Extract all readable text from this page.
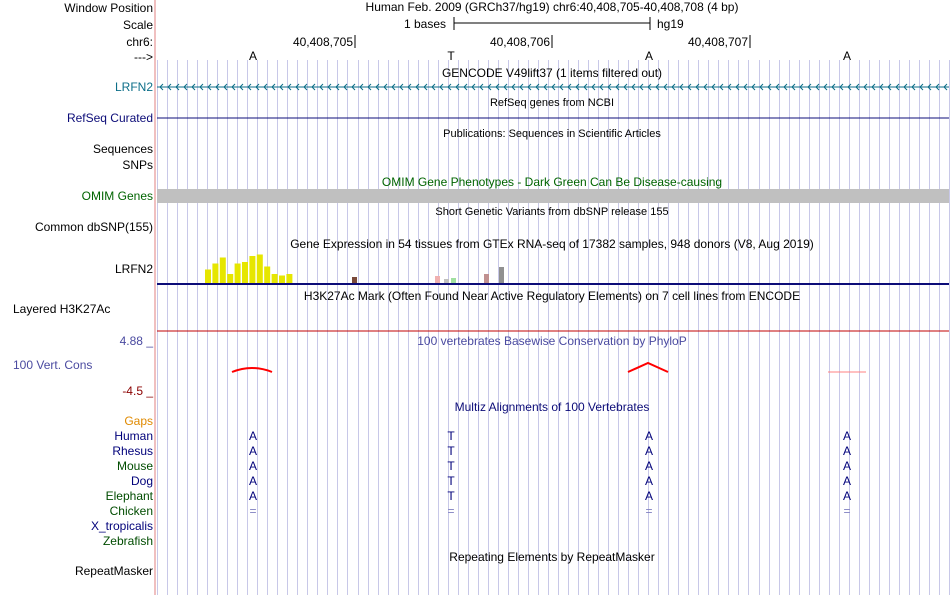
Window Position	Human Feb. 2009 (GRCh37/hg19) chr6:40,408,705-40,408,708 (4 bp)
Scale	1 bases	hg19
chr6:	40,408,705	40,408,706	40,408,707
--->	A	T	A	A
GENCODE V49lift37 (1 items filtered out)
LRFN2
RefSeq genes from NCBI
RefSeq Curated
Publications: Sequences in Scientific Articles
Sequences
SNPs
OMIM Gene Phenotypes - Dark Green Can Be Disease-causing
OMIM Genes
Short Genetic Variants from dbSNP release 155
Common dbSNP(155)
Gene Expression in 54 tissues from GTEx RNA-seq of 17382 samples, 948 donors (V8, Aug 2019)
LRFN2
H3K27Ac Mark (Often Found Near Active Regulatory Elements) on 7 cell lines from ENCODE
Layered H3K27Ac
100 vertebrates Basewise Conservation by PhyloP
4.88 _
100 Vert. Cons
-4.5 _
Multiz Alignments of 100 Vertebrates
Gaps
Human	A	T	A	A
Rhesus	A	T	A	A
Mouse	A	T	A	A
Dog	A	T	A	A
Elephant	A	T	A	A
Chicken	=	=	=	=
X_tropicalis
Zebrafish
Repeating Elements by RepeatMasker
RepeatMasker
